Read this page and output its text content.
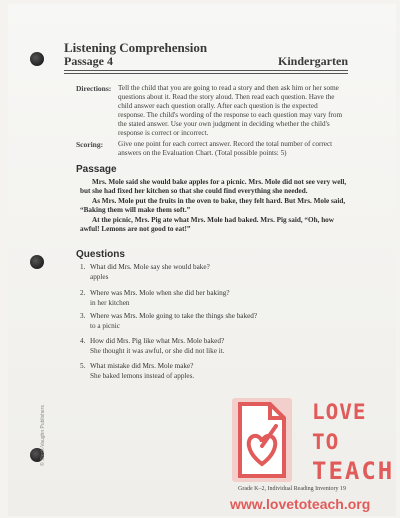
© Steck-Vaughn Publishers
Listening Comprehension
Passage 4	Kindergarten
Directions: Tell the child that you are going to read a story and then ask him or her some
questions about it. Read the story aloud. Then read each question. Have the
child answer each question orally. After each question is the expected
response. The child's wording of the response to each question may vary from
the stated answer. Use your own judgment in deciding whether the child's
response is correct or incorrect.
Scoring: Give one point for each correct answer. Record the total number of correct
answers on the Evaluation Chart. (Total possible points: 5)
Passage

Mrs. Mole said she would bake apples for a picnic. Mrs. Mole did not see very well, but she had fixed her kitchen so that she could find everything she needed.

As Mrs. Mole put the fruits in the oven to bake, they felt hard. But Mrs. Mole said, “Baking them will make them soft.”

At the picnic, Mrs. Pig ate what Mrs. Mole had baked. Mrs. Pig said, “Oh, how awful! Lemons are not good to eat!”

Questions
1. What did Mrs. Mole say she would bake?
apples
2. Where was Mrs. Mole when she did her baking?
in her kitchen
3. Where was Mrs. Mole going to take the things she baked?
to a picnic
4. How did Mrs. Pig like what Mrs. Mole baked?
She thought it was awful, or she did not like it.
5. What mistake did Mrs. Mole make?
She baked lemons instead of apples.
LOVE
TO
TEACH
Grade K–2, Individual Reading Inventory 19
www.lovetoteach.org
